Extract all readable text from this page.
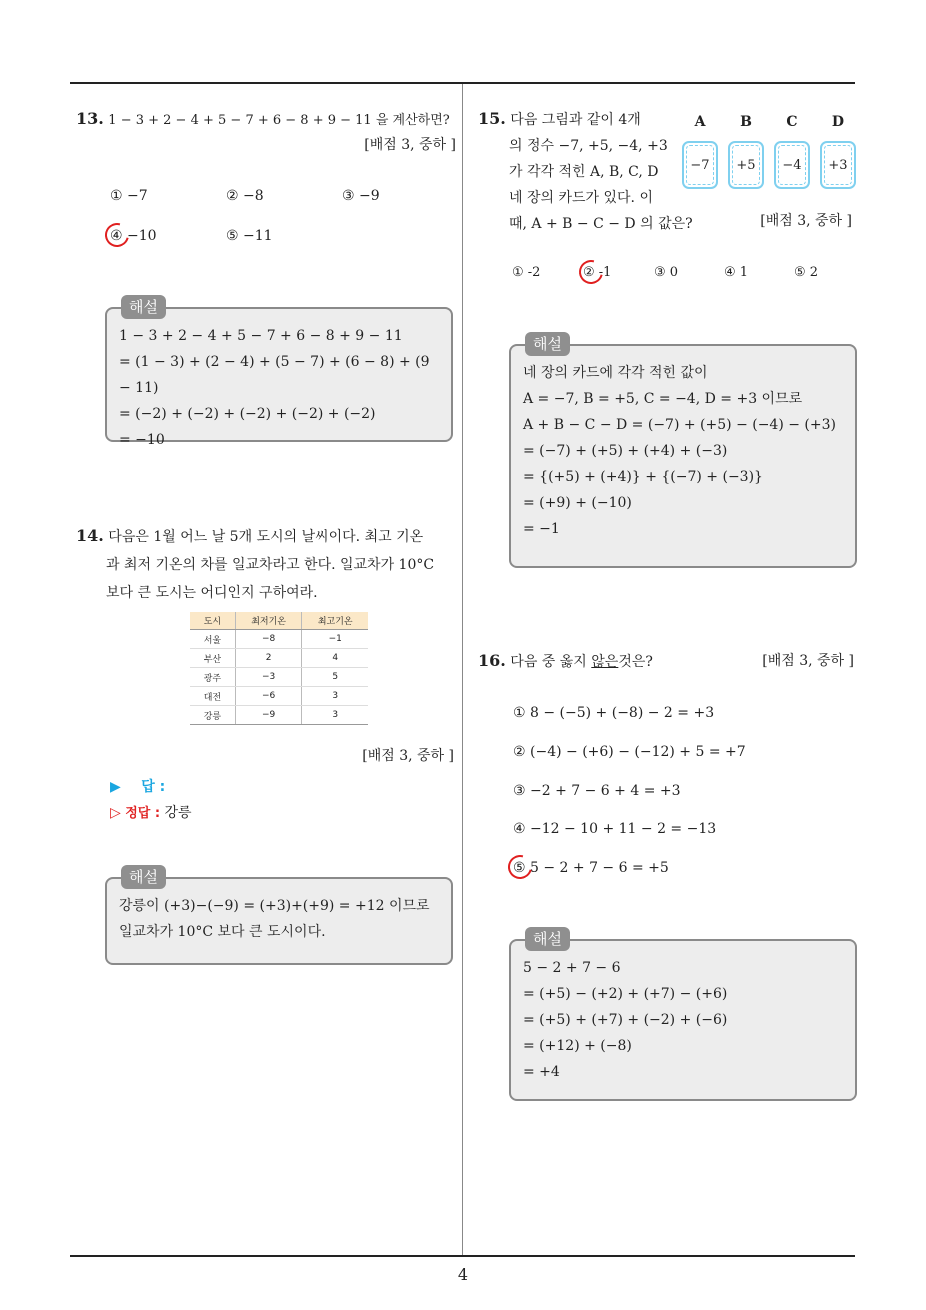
4
13. 1 − 3 + 2 − 4 + 5 − 7 + 6 − 8 + 9 − 11 을 계산하면?
[배점 3, 중하 ]
① −7	② −8	③ −9
④ −10	⑤ −11
해설
1 − 3 + 2 − 4 + 5 − 7 + 6 − 8 + 9 − 11
= (1 − 3) + (2 − 4) + (5 − 7) + (6 − 8) + (9 − 11)
= (−2) + (−2) + (−2) + (−2) + (−2)
= −10
14. 다음은 1월 어느 날 5개 도시의 날씨이다. 최고 기온
과 최저 기온의 차를 일교차라고 한다. 일교차가 10°C
보다 큰 도시는 어디인지 구하여라.
도시	최저기온	최고기온
서울	−8	−1
부산	2	4
광주	−3	5
대전	−6	3
강릉	−9	3
[배점 3, 중하 ]
▶ 답 :
▷ 정답 : 강릉
해설
강릉이 (+3)−(−9) = (+3)+(+9) = +12 이므로
일교차가 10°C 보다 큰 도시이다.
15. 다음 그림과 같이 4개
의 정수 −7, +5, −4, +3
가 각각 적힌 A, B, C, D
네 장의 카드가 있다. 이
때, A + B − C − D 의 값은?	[배점 3, 중하 ]
A	B	C	D
−7 +5 −4 +3
① -2	② -1	③ 0	④ 1	⑤ 2
해설
네 장의 카드에 각각 적힌 값이
A = −7, B = +5, C = −4, D = +3 이므로
A + B − C − D = (−7) + (+5) − (−4) − (+3)
= (−7) + (+5) + (+4) + (−3)
= {(+5) + (+4)} + {(−7) + (−3)}
= (+9) + (−10)
= −1
16. 다음 중 옳지 않은것은?	[배점 3, 중하 ]
① 8 − (−5) + (−8) − 2 = +3
② (−4) − (+6) − (−12) + 5 = +7
③ −2 + 7 − 6 + 4 = +3
④ −12 − 10 + 11 − 2 = −13
⑤ 5 − 2 + 7 − 6 = +5
해설
5 − 2 + 7 − 6
= (+5) − (+2) + (+7) − (+6)
= (+5) + (+7) + (−2) + (−6)
= (+12) + (−8)
= +4
